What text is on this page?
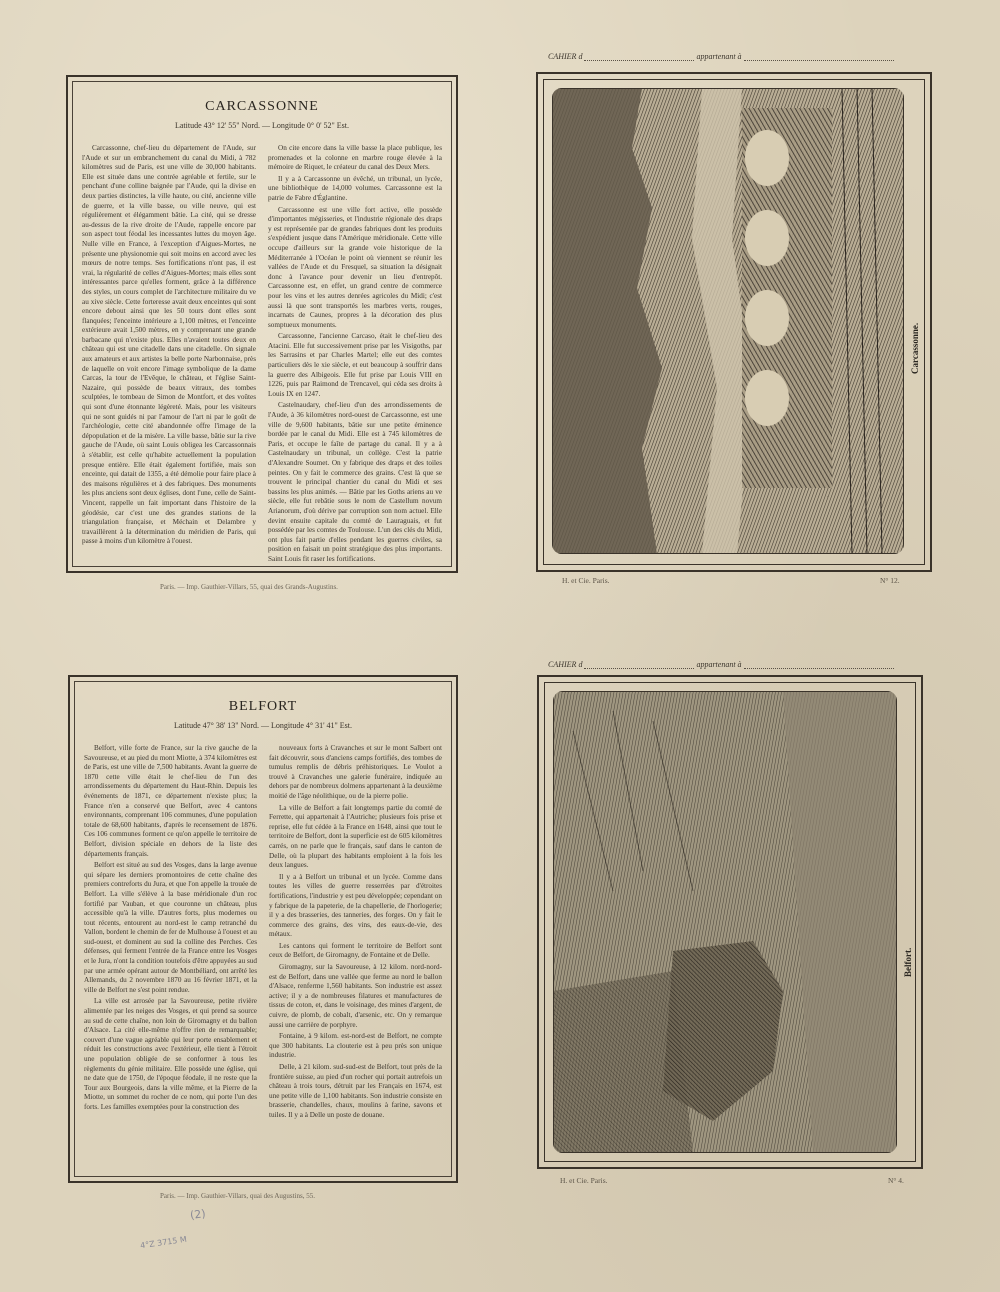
CARCASSONNE
Latitude 43° 12' 55" Nord. — Longitude 0° 0' 52" Est.

Carcassonne, chef-lieu du département de l'Aude, sur l'Aude et sur un embranchement du canal du Midi, à 782 kilomètres sud de Paris, est une ville de 30,000 habitants. Elle est située dans une contrée agréable et fertile, sur le penchant d'une colline baignée par l'Aude, qui la divise en deux parties distinctes, la ville haute, ou cité, ancienne ville de guerre, et la ville basse, ou ville neuve, qui est régulièrement et élégamment bâtie. La cité, qui se dresse au-dessus de la rive droite de l'Aude, rappelle encore par son aspect tout féodal les incessantes luttes du moyen âge. Nulle ville en France, à l'exception d'Aigues-Mortes, ne présente une physionomie qui soit moins en accord avec les mœurs de notre temps. Ses fortifications n'ont pas, il est vrai, la régularité de celles d'Aigues-Mortes; mais elles sont intéressantes parce qu'elles forment, grâce à la différence des styles, un cours complet de l'architecture militaire du ve au xive siècle. Cette forteresse avait deux enceintes qui sont encore debout ainsi que les 50 tours dont elles sont flanquées; l'enceinte intérieure a 1,100 mètres, et l'enceinte extérieure avait 1,500 mètres, en y comprenant une grande barbacane qui n'existe plus. Elles n'avaient toutes deux en château qui est une citadelle dans une citadelle. On signale aux amateurs et aux artistes la belle porte Narbonnaise, près de laquelle on voit encore l'image symbolique de la dame Carcas, la tour de l'Evêque, le château, et l'église Saint-Nazaire, qui possède de beaux vitraux, des tombes sculptées, le tombeau de Simon de Montfort, et des voûtes qui sont d'une étonnante légèreté. Mais, pour les visiteurs qui ne sont guidés ni par l'amour de l'art ni par le goût de l'archéologie, cette cité abandonnée offre l'image de la dépopulation et de la misère. La ville basse, bâtie sur la rive gauche de l'Aude, où saint Louis obligea les Carcassonnais à s'établir, est celle qu'habite actuellement la population presque entière. Elle était également fortifiée, mais son enceinte, qui datait de 1355, a été démolie pour faire place à des maisons régulières et à des fabriques. Des monuments les plus anciens sont deux églises, dont l'une, celle de Saint-Vincent, rappelle un fait important dans l'histoire de la géodésie, car c'est une des grandes stations de la triangulation française, et Méchain et Delambre y travaillèrent à la détermination du méridien de Paris, qui passe à moins d'un kilomètre à l'ouest.

On cite encore dans la ville basse la place publique, les promenades et la colonne en marbre rouge élevée à la mémoire de Riquet, le créateur du canal des Deux Mers.

Il y a à Carcassonne un évêché, un tribunal, un lycée, une bibliothèque de 14,000 volumes. Carcassonne est la patrie de Fabre d'Églantine.

Carcassonne est une ville fort active, elle possède d'importantes mégisseries, et l'industrie régionale des draps y est représentée par de grandes fabriques dont les produits s'expédient jusque dans l'Amérique méridionale. Cette ville occupe d'ailleurs sur la grande voie historique de la Méditerranée à l'Océan le point où viennent se réunir les vallées de l'Aude et du Fresquel, sa situation la désignait donc à l'avance pour devenir un lieu d'entrepôt. Carcassonne est, en effet, un grand centre de commerce pour les vins et les autres denrées agricoles du Midi; c'est aussi là que sont transportés les marbres verts, rouges, incarnats de Caunes, propres à la décoration des plus somptueux monuments.

Carcassonne, l'ancienne Carcaso, était le chef-lieu des Atacini. Elle fut successivement prise par les Visigoths, par les Sarrasins et par Charles Martel; elle eut des comtes particuliers dès le xie siècle, et eut beaucoup à souffrir dans la guerre des Albigeois. Elle fut prise par Louis VIII en 1226, puis par Raimond de Trencavel, qui céda ses droits à Louis IX en 1247.

Castelnaudary, chef-lieu d'un des arrondissements de l'Aude, à 36 kilomètres nord-ouest de Carcassonne, est une ville de 9,600 habitants, bâtie sur une petite éminence bordée par le canal du Midi. Elle est à 745 kilomètres de Paris, et occupe le faîte de partage du canal. Il y a à Castelnaudary un tribunal, un collège. C'est la patrie d'Alexandre Soumet. On y fabrique des draps et des toiles peintes. On y fait le commerce des grains. C'est là que se trouvent le principal chantier du canal du Midi et ses bassins les plus animés. — Bâtie par les Goths ariens au ve siècle, elle fut rebâtie sous le nom de Castellum novum Arianorum, d'où dérive par corruption son nom actuel. Elle devint ensuite capitale du comté de Lauraguais, et fut possédée par les comtes de Toulouse. L'un des clés du Midi, ont plus fait partie d'elles pendant les guerres civiles, sa position en faisait un point stratégique des plus importants. Saint Louis fit raser les fortifications.

Paris. — Imp. Gauthier-Villars, 55, quai des Grands-Augustins.
CAHIER d	appartenant à
Carcassonne.
H. et Cie. Paris.	N° 12.
BELFORT
Latitude 47° 38' 13" Nord. — Longitude 4° 31' 41" Est.

Belfort, ville forte de France, sur la rive gauche de la Savoureuse, et au pied du mont Miotte, à 374 kilomètres est de Paris, est une ville de 7,500 habitants. Avant la guerre de 1870 cette ville était le chef-lieu de l'un des arrondissements du département du Haut-Rhin. Depuis les événements de 1871, ce département n'existe plus; la France n'en a conservé que Belfort, avec 4 cantons environnants, comprenant 106 communes, d'une population totale de 68,600 habitants, d'après le recensement de 1876. Ces 106 communes forment ce qu'on appelle le territoire de Belfort, division spéciale en dehors de la liste des départements français.

Belfort est situé au sud des Vosges, dans la large avenue qui sépare les derniers promontoires de cette chaîne des premiers contreforts du Jura, et que l'on appelle la trouée de Belfort. La ville s'élève à la base méridionale d'un roc fortifié par Vauban, et que couronne un château, plus accessible qu'à la ville. D'autres forts, plus modernes ou tout récents, entourent au nord-est le camp retranché du Vallon, bordent le chemin de fer de Mulhouse à l'ouest et au sud-ouest, et dominent au sud la colline des Perches. Ces défenses, qui ferment l'entrée de la France entre les Vosges et le Jura, n'ont la condition toutefois d'être appuyées au sud par une armée opérant autour de Montbéliard, ont arrêté les Allemands, du 2 novembre 1870 au 16 février 1871, et la ville de Belfort ne s'est point rendue.

La ville est arrosée par la Savoureuse, petite rivière alimentée par les neiges des Vosges, et qui prend sa source au sud de cette chaîne, non loin de Giromagny et du ballon d'Alsace. La cité elle-même n'offre rien de remarquable; couvert d'une vague agréable qui leur porte ensablement et réduit les constructions avec l'extérieur, elle tient à l'étroit une population obligée de se conformer à tous les règlements du génie militaire. Elle possède une église, qui ne date que de 1750, de l'époque féodale, il ne reste que la Tour aux Bourgeois, dans la ville même, et la Pierre de la Miotte, un sommet du rocher de ce nom, qui porte l'un des forts. Les familles exemptées pour la construction des

nouveaux forts à Cravanches et sur le mont Salbert ont fait découvrir, sous d'anciens camps fortifiés, des tombes de tumulus remplis de débris préhistoriques. Le Voulot a trouvé à Cravanches une galerie funéraire, indiquée au dehors par de nombreux dolmens appartenant à la deuxième moitié de l'âge néolithique, ou de la pierre polie.

La ville de Belfort a fait longtemps partie du comté de Ferrette, qui appartenait à l'Autriche; plusieurs fois prise et reprise, elle fut cédée à la France en 1648, ainsi que tout le territoire de Belfort, dont la superficie est de 605 kilomètres carrés, on ne parle que le français, sauf dans le canton de Delle, où la plupart des habitants emploient à la fois les deux langues.

Il y a à Belfort un tribunal et un lycée. Comme dans toutes les villes de guerre resserrées par d'étroites fortifications, l'industrie y est peu développée; cependant on y fabrique de la papeterie, de la chapellerie, de l'horlogerie; il y a des brasseries, des tanneries, des forges. On y fait le commerce des grains, des vins, des eaux-de-vie, des métaux.

Les cantons qui forment le territoire de Belfort sont ceux de Belfort, de Giromagny, de Fontaine et de Delle.

Giromagny, sur la Savoureuse, à 12 kilom. nord-nord-est de Belfort, dans une vallée que ferme au nord le ballon d'Alsace, renferme 1,560 habitants. Son industrie est assez active; il y a de nombreuses filatures et manufactures de tissus de coton, et, dans le voisinage, des mines d'argent, de cuivre, de plomb, de cobalt, d'arsenic, etc. On y remarque aussi une carrière de porphyre.

Fontaine, à 9 kilom. est-nord-est de Belfort, ne compte que 300 habitants. La clouterie est à peu près son unique industrie.

Delle, à 21 kilom. sud-sud-est de Belfort, tout près de la frontière suisse, au pied d'un rocher qui portait autrefois un château à trois tours, détruit par les Français en 1674, est une petite ville de 1,100 habitants. Son industrie consiste en brasserie, chandelles, chaux, moulins à farine, savons et tuiles. Il y a à Delle un poste de douane.

Paris. — Imp. Gauthier-Villars, quai des Augustins, 55.
CAHIER d	appartenant à
Belfort.
H. et Cie. Paris.	N° 4.
(2)
4°Z 3715 M
